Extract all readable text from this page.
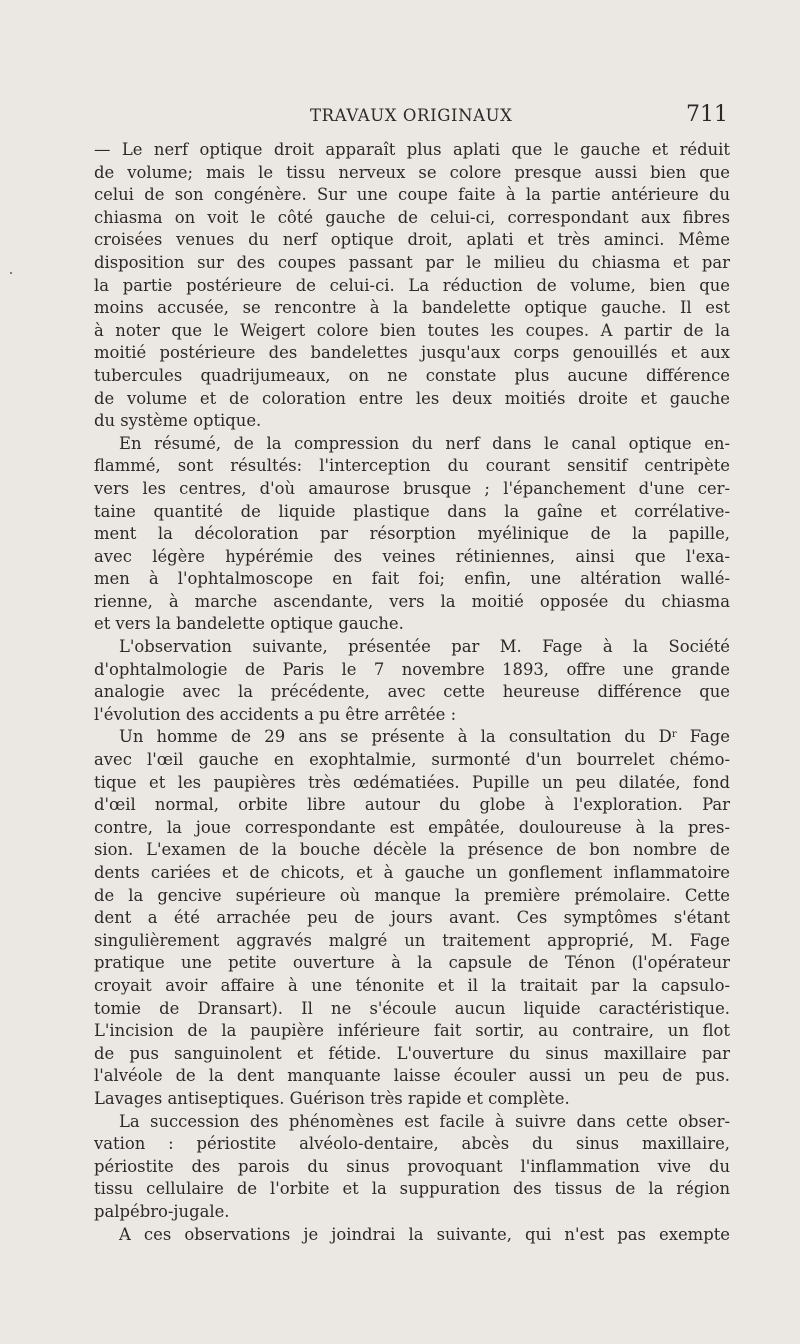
TRAVAUX ORIGINAUX	711
— Le nerf optique droit apparaît plus aplati que le gauche et réduit
de volume; mais le tissu nerveux se colore presque aussi bien que
celui de son congénère. Sur une coupe faite à la partie antérieure du
chiasma on voit le côté gauche de celui-ci, correspondant aux fibres
croisées venues du nerf optique droit, aplati et très aminci. Même
disposition sur des coupes passant par le milieu du chiasma et par
la partie postérieure de celui-ci. La réduction de volume, bien que
moins accusée, se rencontre à la bandelette optique gauche. Il est
à noter que le Weigert colore bien toutes les coupes. A partir de la
moitié postérieure des bandelettes jusqu'aux corps genouillés et aux
tubercules quadrijumeaux, on ne constate plus aucune différence
de volume et de coloration entre les deux moitiés droite et gauche
du système optique.
En résumé, de la compression du nerf dans le canal optique en-
flammé, sont résultés: l'interception du courant sensitif centripète
vers les centres, d'où amaurose brusque ; l'épanchement d'une cer-
taine quantité de liquide plastique dans la gaîne et corrélative-
ment la décoloration par résorption myélinique de la papille,
avec légère hypérémie des veines rétiniennes, ainsi que l'exa-
men à l'ophtalmoscope en fait foi; enfin, une altération wallé-
rienne, à marche ascendante, vers la moitié opposée du chiasma
et vers la bandelette optique gauche.
L'observation suivante, présentée par M. Fage à la Société
d'ophtalmologie de Paris le 7 novembre 1893, offre une grande
analogie avec la précédente, avec cette heureuse différence que
l'évolution des accidents a pu être arrêtée :
Un homme de 29 ans se présente à la consultation du $D^r$ Fage
avec l'œil gauche en exophtalmie, surmonté d'un bourrelet chémo-
tique et les paupières très œdématiées. Pupille un peu dilatée, fond
d'œil normal, orbite libre autour du globe à l'exploration. Par
contre, la joue correspondante est empâtée, douloureuse à la pres-
sion. L'examen de la bouche décèle la présence de bon nombre de
dents cariées et de chicots, et à gauche un gonflement inflammatoire
de la gencive supérieure où manque la première prémolaire. Cette
dent a été arrachée peu de jours avant. Ces symptômes s'étant
singulièrement aggravés malgré un traitement approprié, M. Fage
pratique une petite ouverture à la capsule de Ténon (l'opérateur
croyait avoir affaire à une ténonite et il la traitait par la capsulo-
tomie de Dransart). Il ne s'écoule aucun liquide caractéristique.
L'incision de la paupière inférieure fait sortir, au contraire, un flot
de pus sanguinolent et fétide. L'ouverture du sinus maxillaire par
l'alvéole de la dent manquante laisse écouler aussi un peu de pus.
Lavages antiseptiques. Guérison très rapide et complète.
La succession des phénomènes est facile à suivre dans cette obser-
vation : périostite alvéolo-dentaire, abcès du sinus maxillaire,
périostite des parois du sinus provoquant l'inflammation vive du
tissu cellulaire de l'orbite et la suppuration des tissus de la région
palpébro-jugale.
A ces observations je joindrai la suivante, qui n'est pas exempte
